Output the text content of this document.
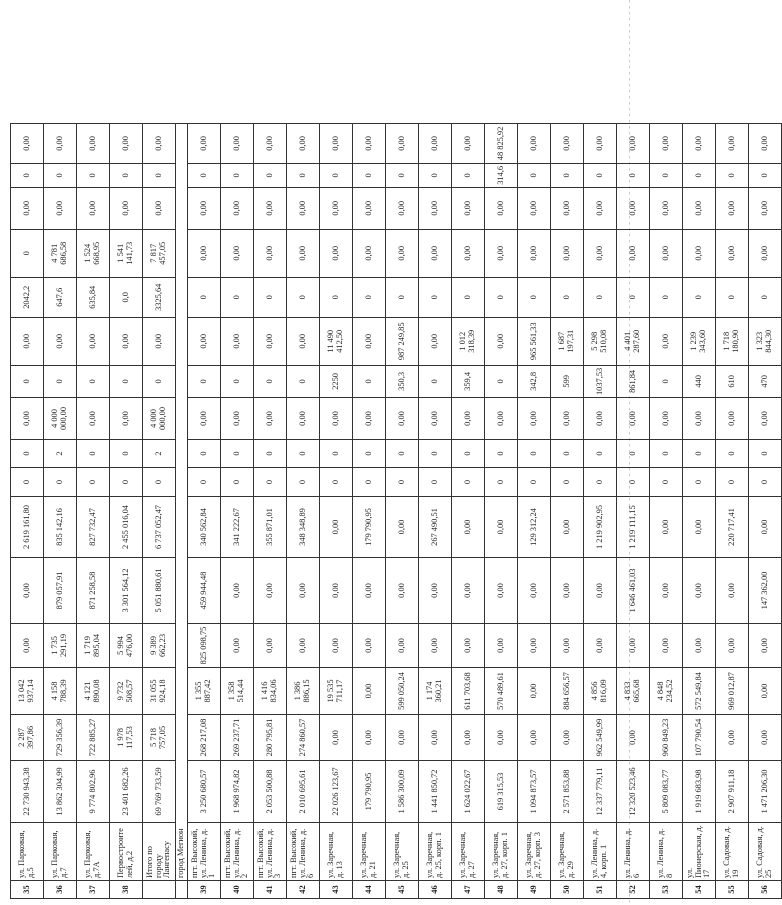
35	ул. Парковая, д.5	22 730 943,38	2 287 397,86	13 042 937,14	0,00	0,00	2 619 161,80	0	0	0,00	0	0,00	2042,2	0	0,00	0	0,00
36	ул. Парковая, д.7	13 862 304,99	729 356,39	4 158 788,39	1 735 291,19	879 057,91	835 142,16	0	2	4 000 000,00	0	0,00	647,6	4 781 686,58	0,00	0	0,00
37	ул. Парковая, д.7А	9 774 802,96	722 885,27	4 121 890,08	1 719 895,04	871 258,58	827 732,47	0	0	0,00	0	0,00	635,84	1 524 668,95	0,00	0	0,00
38	Первостроите лей, д.2	23 401 682,26	1 978 117,53	9 732 508,57	5 994 476,00	3 301 564,12	2 455 016,04	0	0	0,00	0	0,00	0,0	1 541 141,73	0,00	0	0,00
	Итого по городу Лангепасу	69 769 733,59	5 718 757,05	31 055 924,18	9 389 662,23	5 051 880,61	6 737 052,47	0	2	4 000 000,00	0	0,00	3325,64	7 817 457,05	0,00	0	0,00
	город Мегион																
39	пгт. Высокий, ул. Ленина, д. 1	3 250 680,57	268 217,08	1 355 887,42	825 098,75	459 944,48	340 562,84	0	0	0,00	0	0,00	0	0,00	0,00	0	0,00
40	пгт. Высокий, ул. Ленина, д. 2	1 968 974,82	269 237,71	1 358 514,44	0,00	0,00	341 222,67	0	0	0,00	0	0,00	0	0,00	0,00	0	0,00
41	пгт. Высокий, ул. Ленина, д. 3	2 053 500,88	280 795,81	1 416 834,06	0,00	0,00	355 871,01	0	0	0,00	0	0,00	0	0,00	0,00	0	0,00
42	пгт. Высокий, ул. Ленина, д. 6	2 010 695,61	274 860,57	1 386 886,15	0,00	0,00	348 348,89	0	0	0,00	0	0,00	0	0,00	0,00	0	0,00
43	ул. Заречная, д. 13	22 026 123,67	0,00	19 535 711,17	0,00	0,00	0,00	0	0	0,00	2250	11 490 412,50	0	0,00	0,00	0	0,00
44	ул. Заречная, д. 21	179 790,95	0,00	0,00	0,00	0,00	179 790,95	0	0	0,00	0	0,00	0	0,00	0,00	0	0,00
45	ул. Заречная, д. 25	1 586 300,09	0,00	599 050,24	0,00	0,00	0,00	0	0	0,00	350,3	987 249,85	0	0,00	0,00	0	0,00
46	ул. Заречная, д. 25, корп. 1	1 441 850,72	0,00	1 174 360,21	0,00	0,00	267 490,51	0	0	0,00	0	0,00	0	0,00	0,00	0	0,00
47	ул. Заречная, д. 27	1 624 022,67	0,00	611 703,68	0,00	0,00	0,00	0	0	0,00	359,4	1 012 318,39	0	0,00	0,00	0	0,00
48	ул. Заречная, д. 27, корп. 1	619 315,53	0,00	570 489,61	0,00	0,00	0,00	0	0	0,00	0	0,00	0	0,00	0,00	314,6	48 825,92
49	ул. Заречная, д. 27, корп. 3	1 094 873,57	0,00	0,00	0,00	0,00	129 312,24	0	0	0,00	342,8	965 561,33	0	0,00	0,00	0	0,00
50	ул. Заречная, д. 29	2 571 853,88	0,00	884 656,57	0,00	0,00	0,00	0	0	0,00	599	1 687 197,31	0	0,00	0,00	0	0,00
51	ул. Ленина, д. 4, корп. 1	12 337 779,11	962 549,99	4 856 816,09	0,00	0,00	1 219 902,95	0	0	0,00	1037,53	5 298 510,08	0	0,00	0,00	0	0,00
52	ул. Ленина, д. 6	12 320 523,46	0,00	4 833 665,68	0,00	1 646 461,03	1 219 111,15	0	0	0,00	861,84	4 401 287,60	0	0,00	0,00	0	0,00
53	ул. Ленина, д. 8	5 809 083,77	960 849,23	4 848 234,52	0,00	0,00	0,00	0	0	0,00	0	0,00	0	0,00	0,00	0	0,00
54	ул. Пионерская, д. 17	1 919 683,98	107 790,54	572 549,84	0,00	0,00	0,00	0	0	0,00	440	1 239 343,60	0	0,00	0,00	0	0,00
55	ул. Садовая, д. 19	2 907 911,18	0,00	969 012,87	0,00	0,00	220 717,41	0	0	0,00	610	1 718 180,90	0	0,00	0,00	0	0,00
56	ул. Садовая, д. 25	1 471 206,30	0,00	0,00	0,00	147 362,00	0,00	0	0	0,00	470	1 323 844,30	0	0,00	0,00	0	0,00
